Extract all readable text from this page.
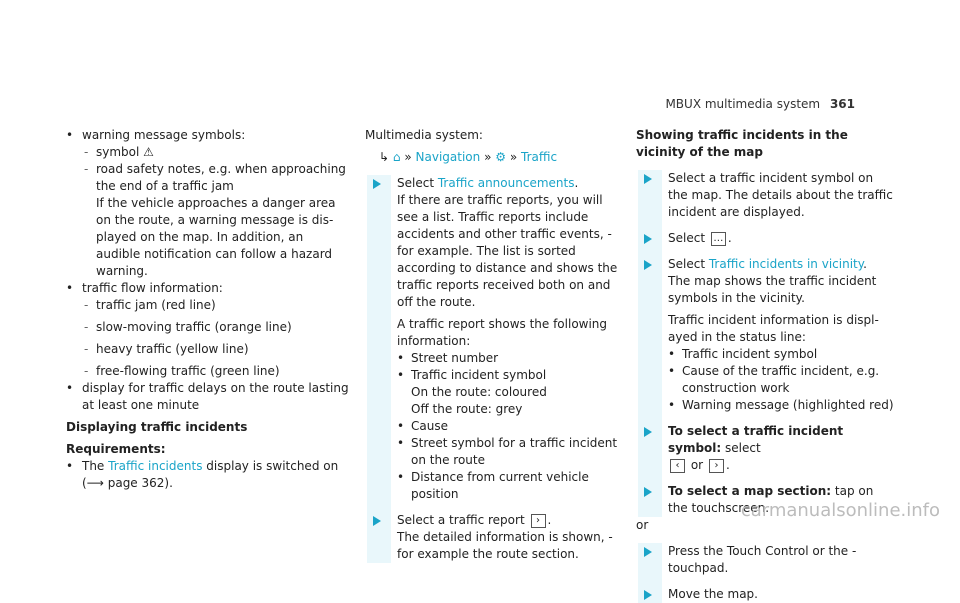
MBUX multimedia system 361

• warning message symbols:

- symbol ⚠

- road safety notes, e.g. when approaching the end of a traffic jam

If the vehicle approaches a danger area on the route, a warning message is displayed on the map. In addition, an audible notification can follow a hazard warning.

• traffic flow information:

- traffic jam (red line)

- slow-moving traffic (orange line)

- heavy traffic (yellow line)

- free-flowing traffic (green line)

• display for traffic delays on the route lasting at least one minute

Displaying traffic incidents

Requirements:

• The Traffic incidents display is switched on

(⟶ page 362).

Multimedia system:

↳ ⌂ » Navigation » ⚙ » Traffic

Select Traffic announcements.
If there are traffic reports, you will see a list. Traffic reports include accidents and other traffic events, for example. The list is sorted according to distance and shows the traffic reports received both on and off the route.
A traffic report shows the following information:
• Street number
• Traffic incident symbol
On the route: coloured
Off the route: grey
• Cause
• Street symbol for a traffic incident on the route
• Distance from current vehicle position
Select a traffic report › .
The detailed information is shown, for example the route section.

Showing traffic incidents in the vicinity of the map

Select a traffic incident symbol on the map. The details about the traffic incident are displayed.
Select … .
Select Traffic incidents in vicinity.
The map shows the traffic incident symbols in the vicinity.
Traffic incident information is displayed in the status line:
• Traffic incident symbol
• Cause of the traffic incident, e.g. construction work
• Warning message (highlighted red)
To select a traffic incident symbol: select
‹ or › .
To select a map section: tap on the touchscreen.
or
Press the Touch Control or the touchpad.
Move the map.
carmanualsonline.info
